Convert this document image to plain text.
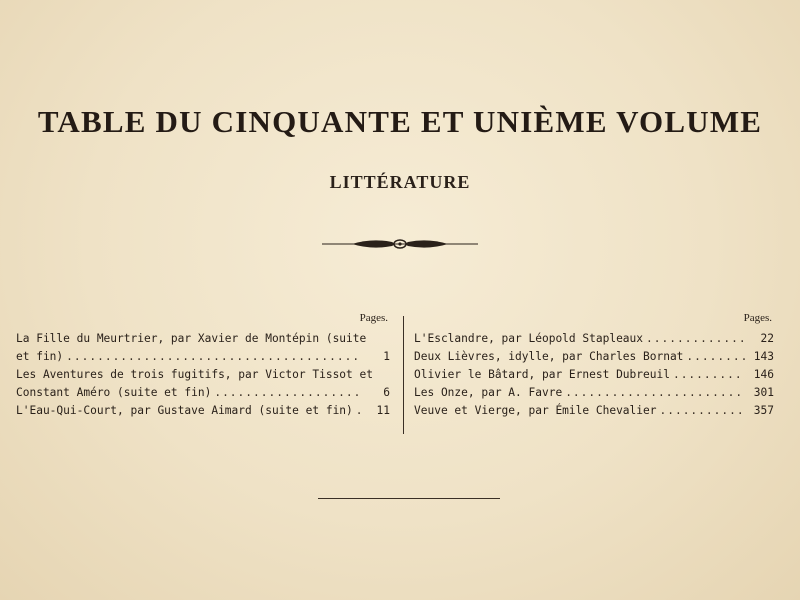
TABLE DU CINQUANTE ET UNIÈME VOLUME
LITTÉRATURE
Pages.
La Fille du Meurtrier, par Xavier de Montépin (suite
et fin) .....	1
Les Aventures de trois fugitifs, par Victor Tissot et
Constant Améro (suite et fin) .....	6
L'Eau-Qui-Court, par Gustave Aimard (suite et fin) .....	11
Pages.
L'Esclandre, par Léopold Stapleaux .....	22
Deux Lièvres, idylle, par Charles Bornat .....	143
Olivier le Bâtard, par Ernest Dubreuil .....	146
Les Onze, par A. Favre .....	301
Veuve et Vierge, par Émile Chevalier .....	357
